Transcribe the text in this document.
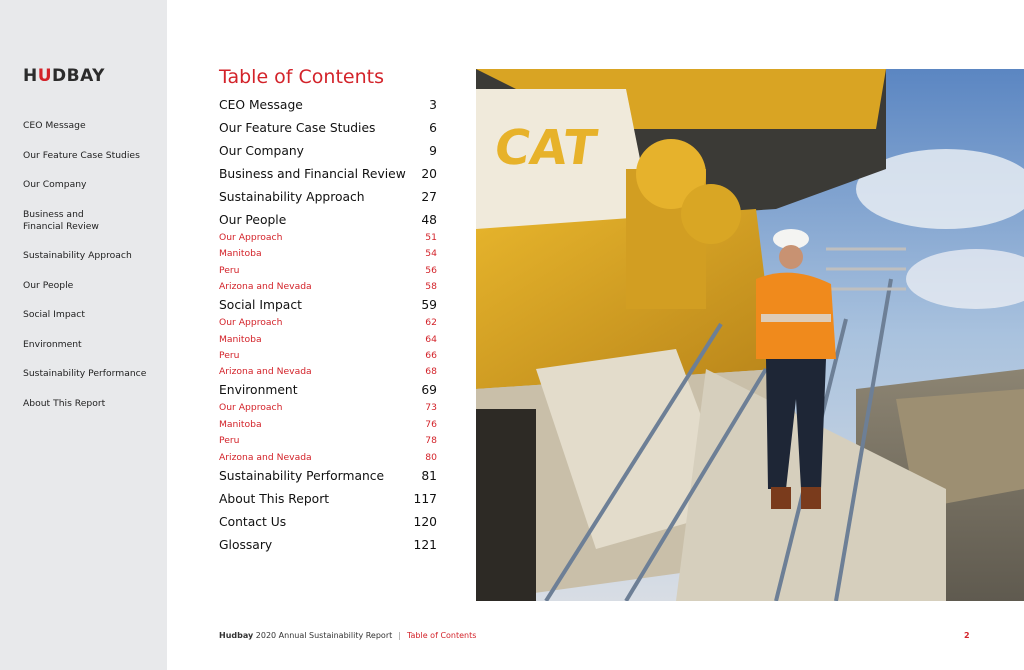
HUDBAY
CEO Message
Our Feature Case Studies
Our Company
Business and
Financial Review
Sustainability Approach
Our People
Social Impact
Environment
Sustainability Performance
About This Report
Table of Contents
CEO Message	3
Our Feature Case Studies	6
Our Company	9
Business and Financial Review 20
Sustainability Approach	27
Our People	48
Our Approach	51
Manitoba	54
Peru	56
Arizona and Nevada	58
Social Impact	59
Our Approach	62
Manitoba	64
Peru	66
Arizona and Nevada	68
Environment	69
Our Approach	73
Manitoba	76
Peru	78
Arizona and Nevada	80
Sustainability Performance	81
About This Report	117
Contact Us	120
Glossary	121
CAT
Hudbay 2020 Annual Sustainability Report | Table of Contents	2
